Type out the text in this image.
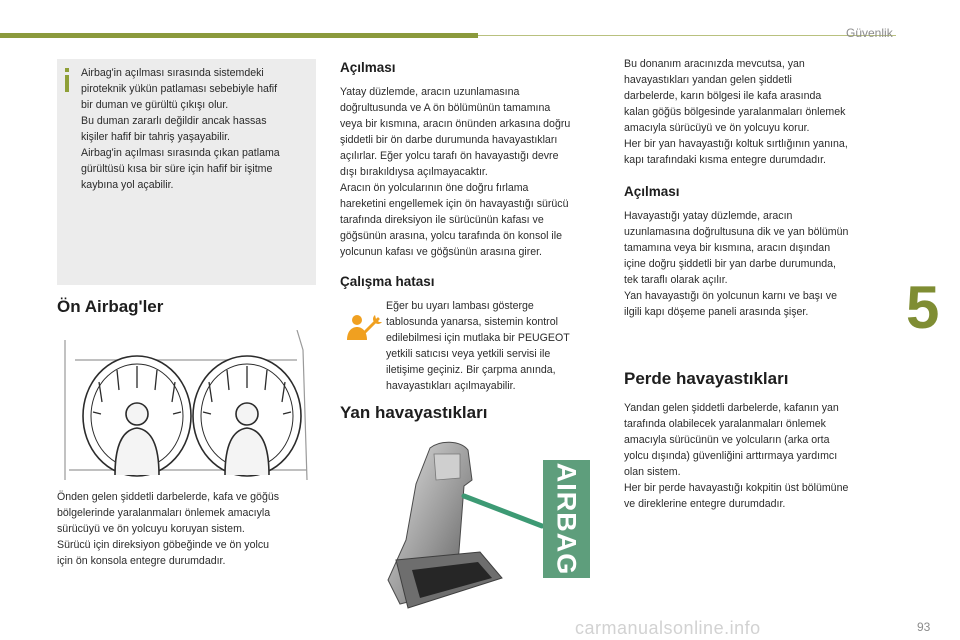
Güvenlik
5

Airbag'in açılması sırasında sistemdeki
piroteknik yükün patlaması sebebiyle hafif
bir duman ve gürültü çıkışı olur.
Bu duman zararlı değildir ancak hassas
kişiler hafif bir tahriş yaşayabilir.
Airbag'in açılması sırasında çıkan patlama
gürültüsü kısa bir süre için hafif bir işitme
kaybına yol açabilir.

Ön Airbag'ler

Önden gelen şiddetli darbelerde, kafa ve göğüs
bölgelerinde yaralanmaları önlemek amacıyla
sürücüyü ve ön yolcuyu koruyan sistem.
Sürücü için direksiyon göbeğinde ve ön yolcu
için ön konsola entegre durumdadır.

Açılması

Yatay düzlemde, aracın uzunlamasına
doğrultusunda ve A ön bölümünün tamamına
veya bir kısmına, aracın önünden arkasına doğru
şiddetli bir ön darbe durumunda havayastıkları
açılırlar. Eğer yolcu tarafı ön havayastığı devre
dışı bırakıldıysa açılmayacaktır.
Aracın ön yolcularının öne doğru fırlama
hareketini engellemek için ön havayastığı sürücü
tarafında direksiyon ile sürücünün kafası ve
göğsünün arasına, yolcu tarafında ön konsol ile
yolcunun kafası ve göğsünün arasına girer.

Çalışma hatası

Eğer bu uyarı lambası gösterge
tablosunda yanarsa, sistemin kontrol
edilebilmesi için mutlaka bir PEUGEOT
yetkili satıcısı veya yetkili servisi ile
iletişime geçiniz. Bir çarpma anında,
havayastıkları açılmayabilir.

Yan havayastıkları
AIRBAG

Bu donanım aracınızda mevcutsa, yan
havayastıkları yandan gelen şiddetli
darbelerde, karın bölgesi ile kafa arasında
kalan göğüs bölgesinde yaralanmaları önlemek
amacıyla sürücüyü ve ön yolcuyu korur.
Her bir yan havayastığı koltuk sırtlığının yanına,
kapı tarafındaki kısma entegre durumdadır.

Açılması

Havayastığı yatay düzlemde, aracın
uzunlamasına doğrultusuna dik ve yan bölümün
tamamına veya bir kısmına, aracın dışından
içine doğru şiddetli bir yan darbe durumunda,
tek taraflı olarak açılır.
Yan havayastığı ön yolcunun karnı ve başı ve
ilgili kapı döşeme paneli arasında şişer.

Perde havayastıkları

Yandan gelen şiddetli darbelerde, kafanın yan
tarafında olabilecek yaralanmaları önlemek
amacıyla sürücünün ve yolcuların (arka orta
yolcu dışında) güvenliğini arttırmaya yardımcı
olan sistem.
Her bir perde havayastığı kokpitin üst bölümüne
ve direklerine entegre durumdadır.

carmanualsonline.info	93
